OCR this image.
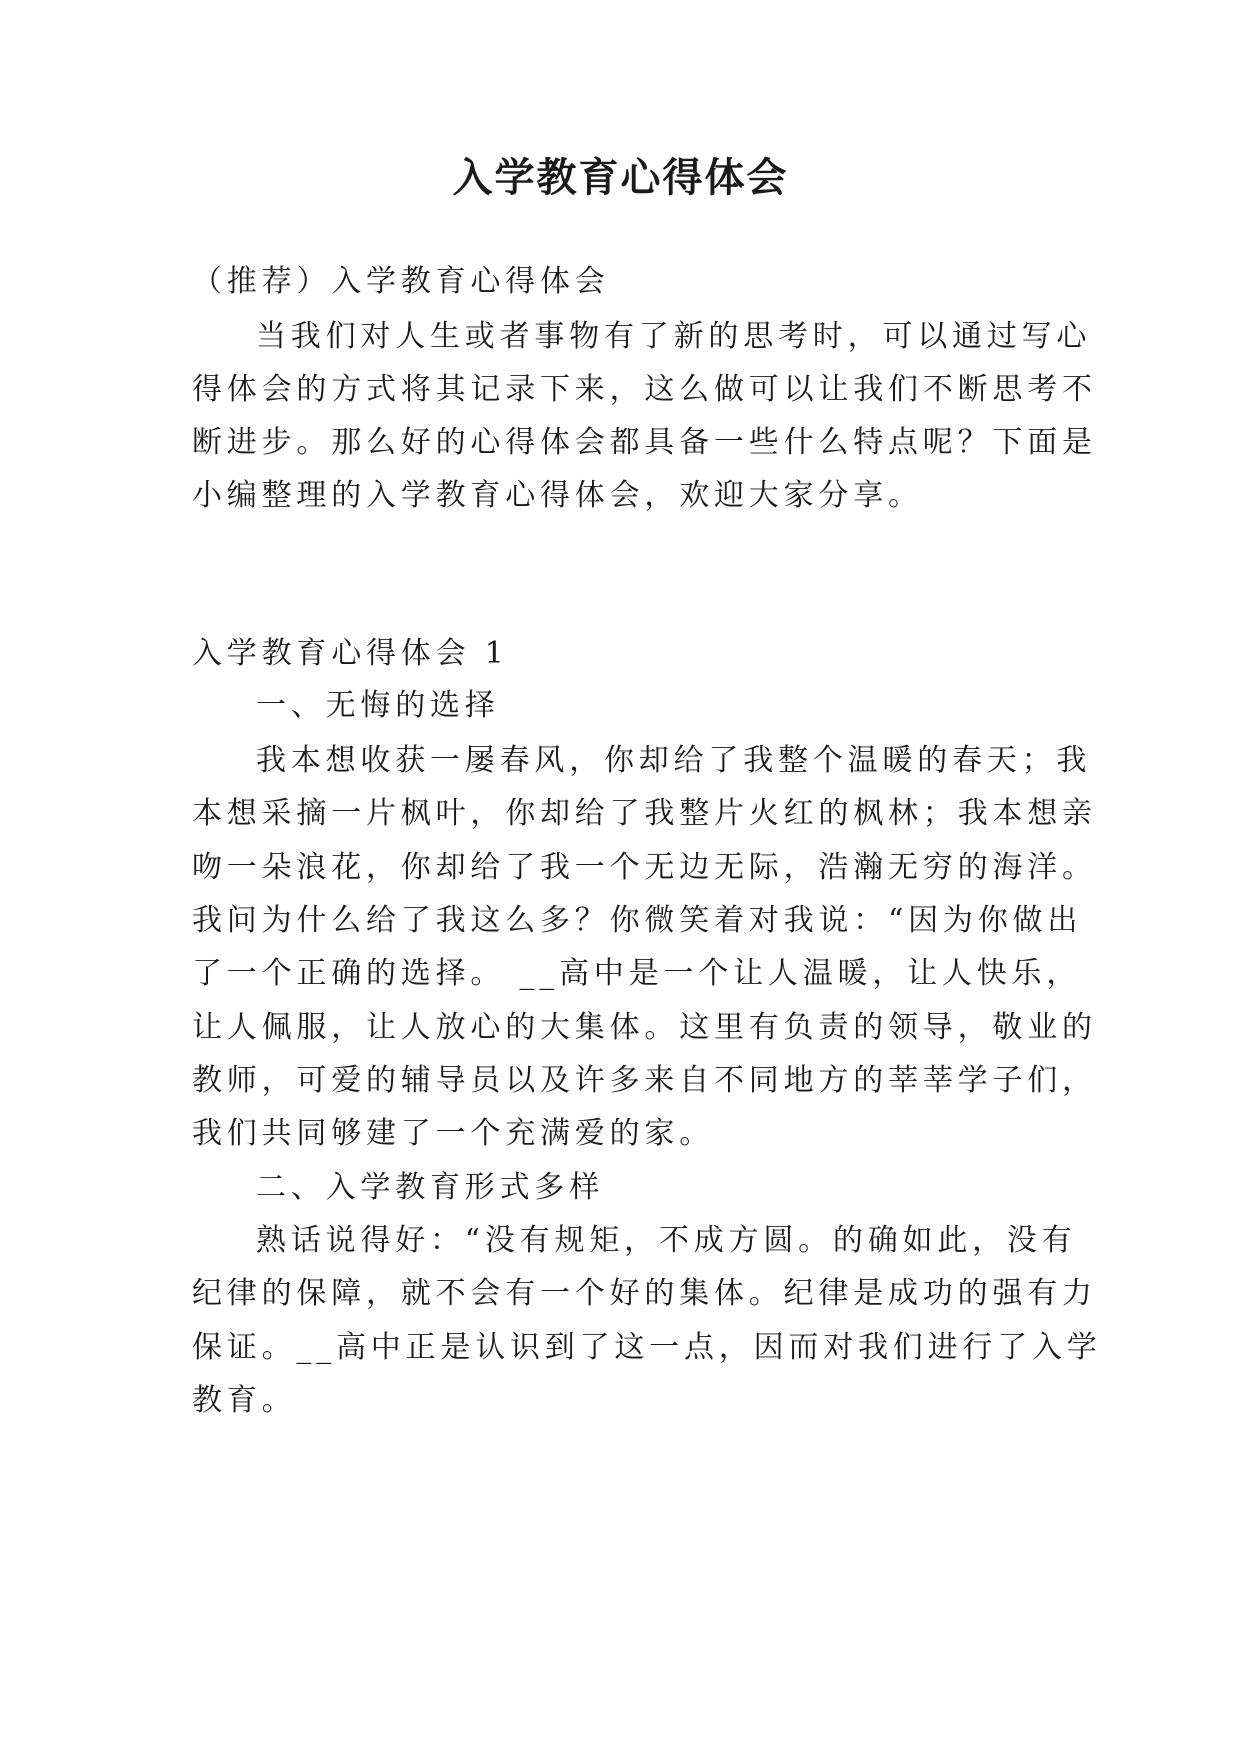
入学教育心得体会
（推荐）入学教育心得体会
当我们对人生或者事物有了新的思考时，可以通过写心
得体会的方式将其记录下来，这么做可以让我们不断思考不
断进步。那么好的心得体会都具备一些什么特点呢？下面是
小编整理的入学教育心得体会，欢迎大家分享。
入学教育心得体会 1
一、无悔的选择
我本想收获一屡春风，你却给了我整个温暖的春天；我
本想采摘一片枫叶，你却给了我整片火红的枫林；我本想亲
吻一朵浪花，你却给了我一个无边无际，浩瀚无穷的海洋。
我问为什么给了我这么多？你微笑着对我说：“因为你做出
了一个正确的选择。 __高中是一个让人温暖，让人快乐，
让人佩服，让人放心的大集体。这里有负责的领导，敬业的
教师，可爱的辅导员以及许多来自不同地方的莘莘学子们，
我们共同够建了一个充满爱的家。
二、入学教育形式多样
熟话说得好：“没有规矩，不成方圆。的确如此，没有
纪律的保障，就不会有一个好的集体。纪律是成功的强有力
保证。__高中正是认识到了这一点，因而对我们进行了入学
教育。
